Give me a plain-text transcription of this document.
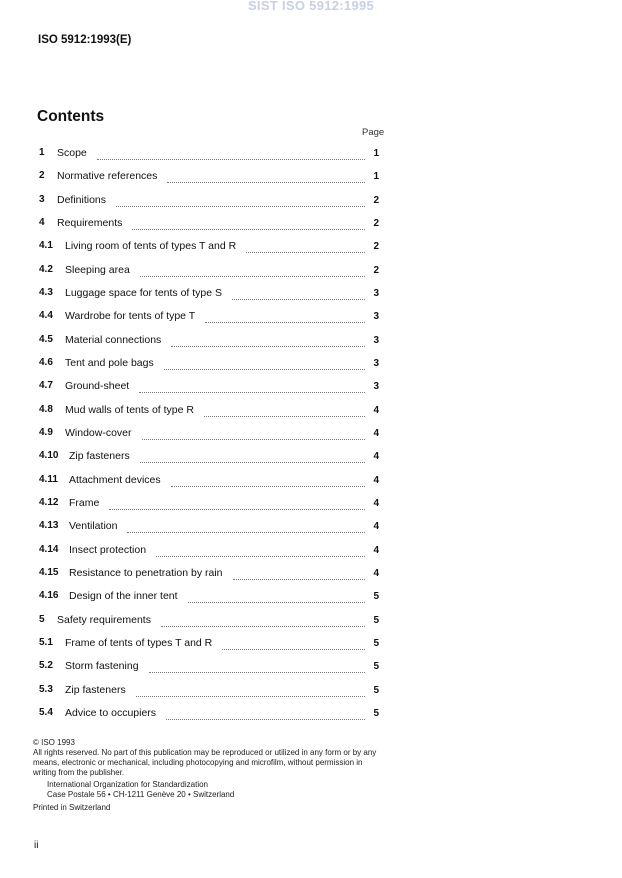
SIST ISO 5912:1995
ISO 5912:1993(E)
Contents
Page
1 Scope	1
2 Normative references	1
3 Definitions	2
4 Requirements	2
4.1 Living room of tents of types T and R	2
4.2 Sleeping area	2
4.3 Luggage space for tents of type S	3
4.4 Wardrobe for tents of type T	3
4.5 Material connections	3
4.6 Tent and pole bags	3
4.7 Ground-sheet	3
4.8 Mud walls of tents of type R	4
4.9 Window-cover	4
4.10 Zip fasteners	4
4.11 Attachment devices	4
4.12 Frame	4
4.13 Ventilation	4
4.14 Insect protection	4
4.15 Resistance to penetration by rain	4
4.16 Design of the inner tent	5
5 Safety requirements	5
5.1 Frame of tents of types T and R	5
5.2 Storm fastening	5
5.3 Zip fasteners	5
5.4 Advice to occupiers	5

© ISO 1993

All rights reserved. No part of this publication may be reproduced or utilized in any form or by any means, electronic or mechanical, including photocopying and microfilm, without permission in writing from the publisher.

International Organization for Standardization

Case Postale 56 • CH-1211 Genève 20 • Switzerland

Printed in Switzerland

ii
